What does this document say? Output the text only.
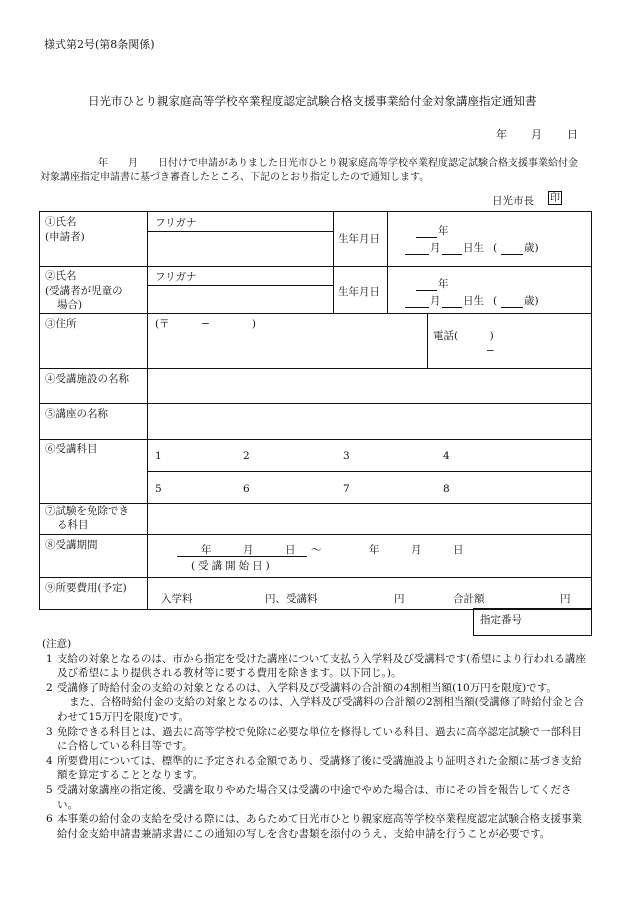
様式第2号(第8条関係)
日光市ひとり親家庭高等学校卒業程度認定試験合格支援事業給付金対象講座指定通知書
年 月 日
年　　月　　日付けで申請がありました日光市ひとり親家庭高等学校卒業程度認定試験合格支援事業給付金
対象講座指定申請書に基づき審査したところ、下記のとおり指定したので通知します。
日光市長 印
①氏名
(申請者)
フリガナ
生年月日
年
月 日生 (	歳)
②氏名
(受講者が児童の
場合)
フリガナ
生年月日
年
月 日生 (	歳)
③住所	(〒　　　−　　　　)
電話(　　　)
−
④受講施設の名称
⑤講座の名称
⑥受講科目
1	2	3	4
5	6	7	8
⑦試験を免除でき
る科目
⑧受講期間	年　　　月　　　日 〜	年　　　月　　　日
(受講開始日)
⑨所要費用(予定)
入学料	円、受講料	円	合計額	円
指定番号
(注意)
1 支給の対象となるのは、市から指定を受けた講座について支払う入学料及び受講料です(希望により行われる講座及び希望により提供される教材等に要する費用を除きます。以下同じ。)。
2 受講修了時給付金の支給の対象となるのは、入学料及び受講料の合計額の4割相当額(10万円を限度)です。
また、合格時給付金の支給の対象となるのは、入学料及び受講料の合計額の2割相当額(受講修了時給付金と合わせて15万円を限度)です。
3 免除できる科目とは、過去に高等学校で免除に必要な単位を修得している科目、過去に高卒認定試験で一部科目に合格している科目等です。
4 所要費用については、標準的に予定される金額であり、受講修了後に受講施設より証明された金額に基づき支給額を算定することとなります。
5 受講対象講座の指定後、受講を取りやめた場合又は受講の中途でやめた場合は、市にその旨を報告してください。
6 本事業の給付金の支給を受ける際には、あらためて日光市ひとり親家庭高等学校卒業程度認定試験合格支援事業給付金支給申請書兼請求書にこの通知の写しを含む書類を添付のうえ、支給申請を行うことが必要です。
